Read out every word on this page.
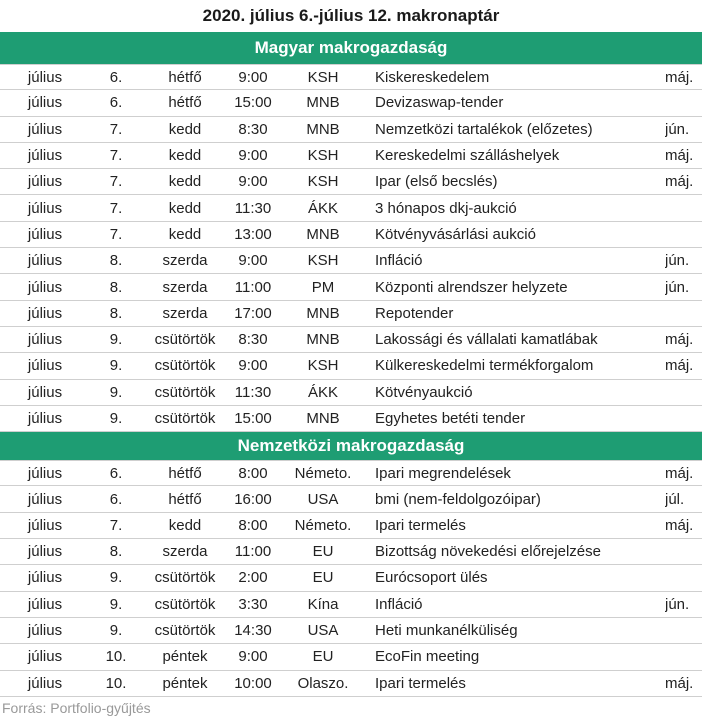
2020. július 6.-július 12. makronaptár
Magyar makrogazdaság
július	6.	hétfő	9:00	KSH	Kiskereskedelem	máj.
július	6.	hétfő	15:00	MNB	Devizaswap-tender
július	7.	kedd	8:30	MNB	Nemzetközi tartalékok (előzetes)	jún.
július	7.	kedd	9:00	KSH	Kereskedelmi szálláshelyek	máj.
július	7.	kedd	9:00	KSH	Ipar (első becslés)	máj.
július	7.	kedd	11:30	ÁKK	3 hónapos dkj-aukció
július	7.	kedd	13:00	MNB	Kötvényvásárlási aukció
július	8.	szerda	9:00	KSH	Infláció	jún.
július	8.	szerda	11:00	PM	Központi alrendszer helyzete	jún.
július	8.	szerda	17:00	MNB	Repotender
július	9.	csütörtök	8:30	MNB	Lakossági és vállalati kamatlábak	máj.
július	9.	csütörtök	9:00	KSH	Külkereskedelmi termékforgalom	máj.
július	9.	csütörtök	11:30	ÁKK	Kötvényaukció
július	9.	csütörtök	15:00	MNB	Egyhetes betéti tender
Nemzetközi makrogazdaság
július	6.	hétfő	8:00	Németo.	Ipari megrendelések	máj.
július	6.	hétfő	16:00	USA	bmi (nem-feldolgozóipar)	júl.
július	7.	kedd	8:00	Németo.	Ipari termelés	máj.
július	8.	szerda	11:00	EU	Bizottság növekedési előrejelzése
július	9.	csütörtök	2:00	EU	Eurócsoport ülés
július	9.	csütörtök	3:30	Kína	Infláció	jún.
július	9.	csütörtök	14:30	USA	Heti munkanélküliség
július	10.	péntek	9:00	EU	EcoFin meeting
július	10.	péntek	10:00	Olaszo.	Ipari termelés	máj.
Forrás: Portfolio-gyűjtés
